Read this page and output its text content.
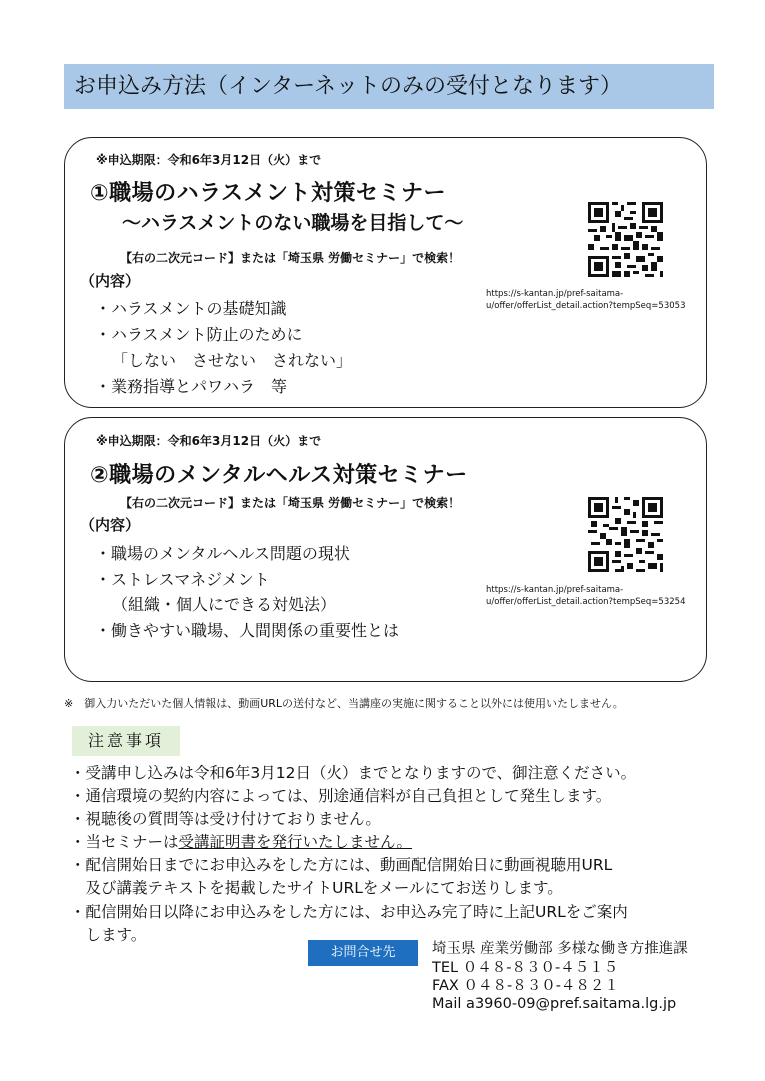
お申込み方法（インターネットのみの受付となります）
※申込期限：令和6年3月12日（火）まで
①職場のハラスメント対策セミナー
～ハラスメントのない職場を目指して～
【右の二次元コード】または「埼玉県 労働セミナー」で検索！
（内容）
・ハラスメントの基礎知識
・ハラスメント防止のために
「しない　させない　されない」
・業務指導とパワハラ　等
https://s-kantan.jp/pref-saitama-
u/offer/offerList_detail.action?tempSeq=53053
※申込期限：令和6年3月12日（火）まで
②職場のメンタルヘルス対策セミナー
【右の二次元コード】または「埼玉県 労働セミナー」で検索！
（内容）
・職場のメンタルヘルス問題の現状
・ストレスマネジメント
（組織・個人にできる対処法）
・働きやすい職場、人間関係の重要性とは
https://s-kantan.jp/pref-saitama-
u/offer/offerList_detail.action?tempSeq=53254
※　御入力いただいた個人情報は、動画URLの送付など、当講座の実施に関すること以外には使用いたしません。
注意事項
・受講申し込みは令和6年3月12日（火）までとなりますので、御注意ください。
・通信環境の契約内容によっては、別途通信料が自己負担として発生します。
・視聴後の質問等は受け付けておりません。
・当セミナーは受講証明書を発行いたしません。
・配信開始日までにお申込みをした方には、動画配信開始日に動画視聴用URL
　及び講義テキストを掲載したサイトURLをメールにてお送りします。
・配信開始日以降にお申込みをした方には、お申込み完了時に上記URLをご案内
　します。
お問合せ先	埼玉県 産業労働部 多様な働き方推進課
TEL ０４８-８３０-４５１５
FAX ０４８-８３０-４８２１
Mail a3960-09@pref.saitama.lg.jp
